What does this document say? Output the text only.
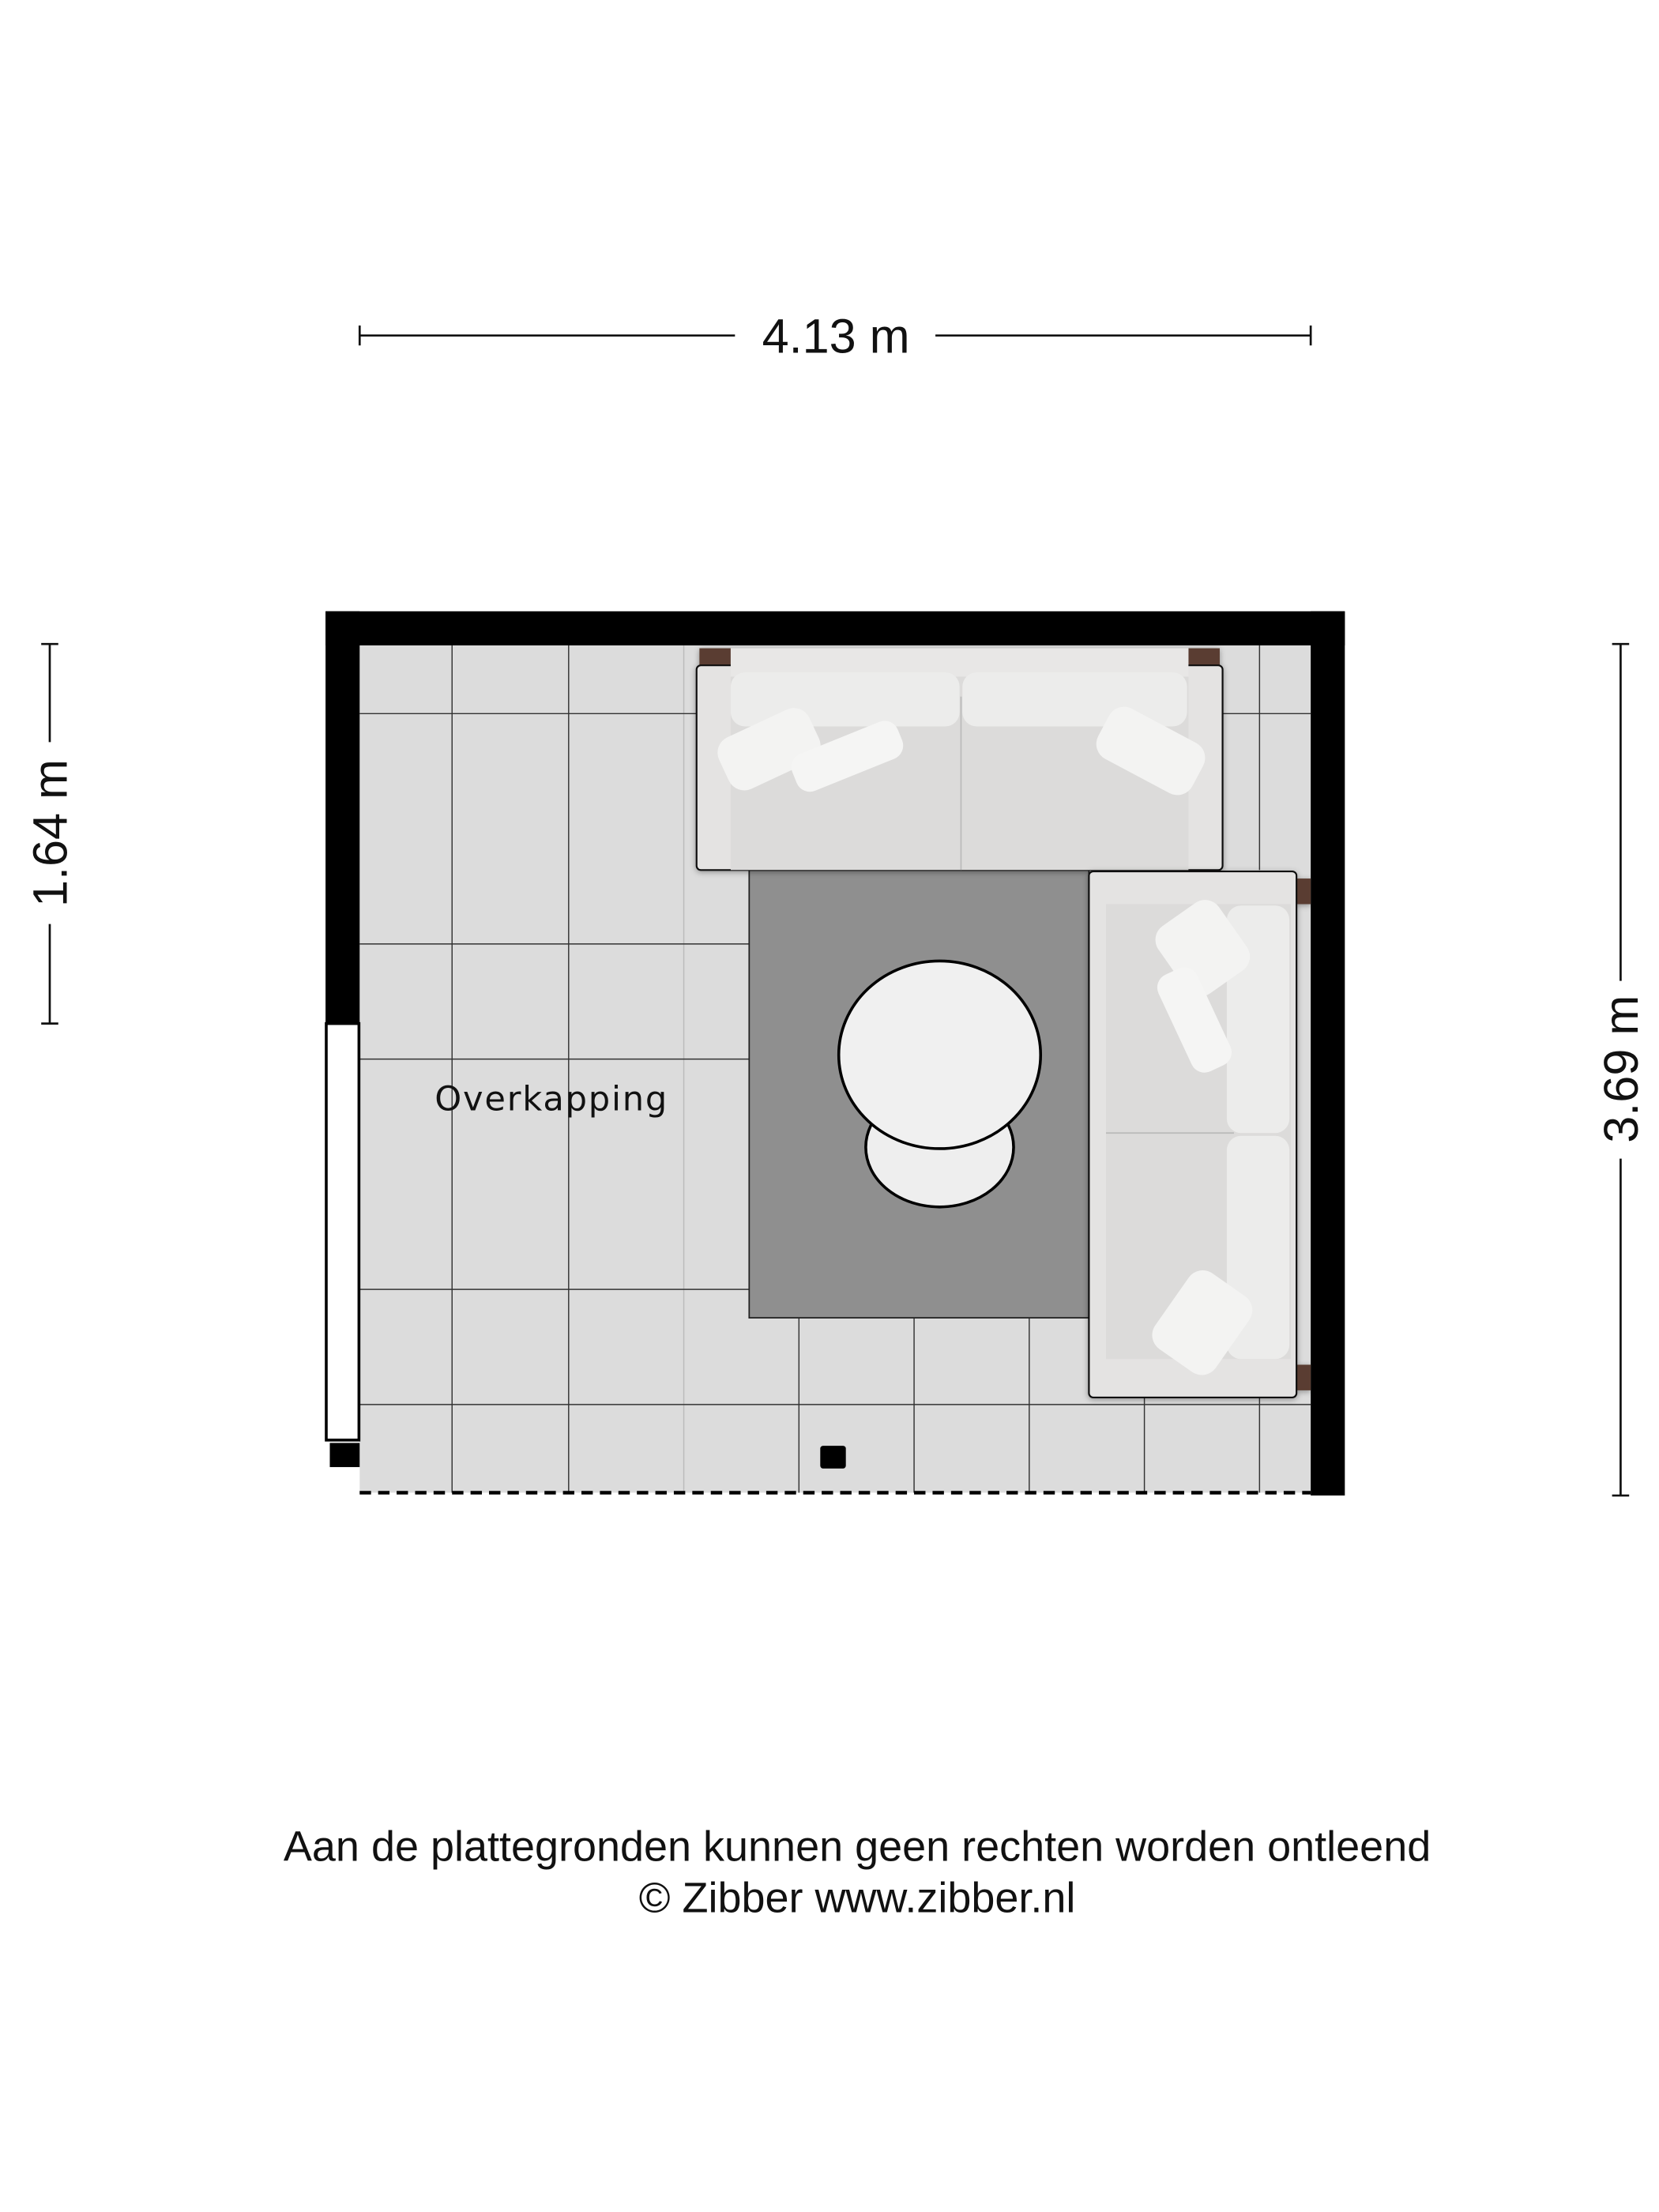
4.13 m
1.64 m
3.69 m
Overkapping
Aan de plattegronden kunnen geen rechten worden ontleend
© Zibber www.zibber.nl
